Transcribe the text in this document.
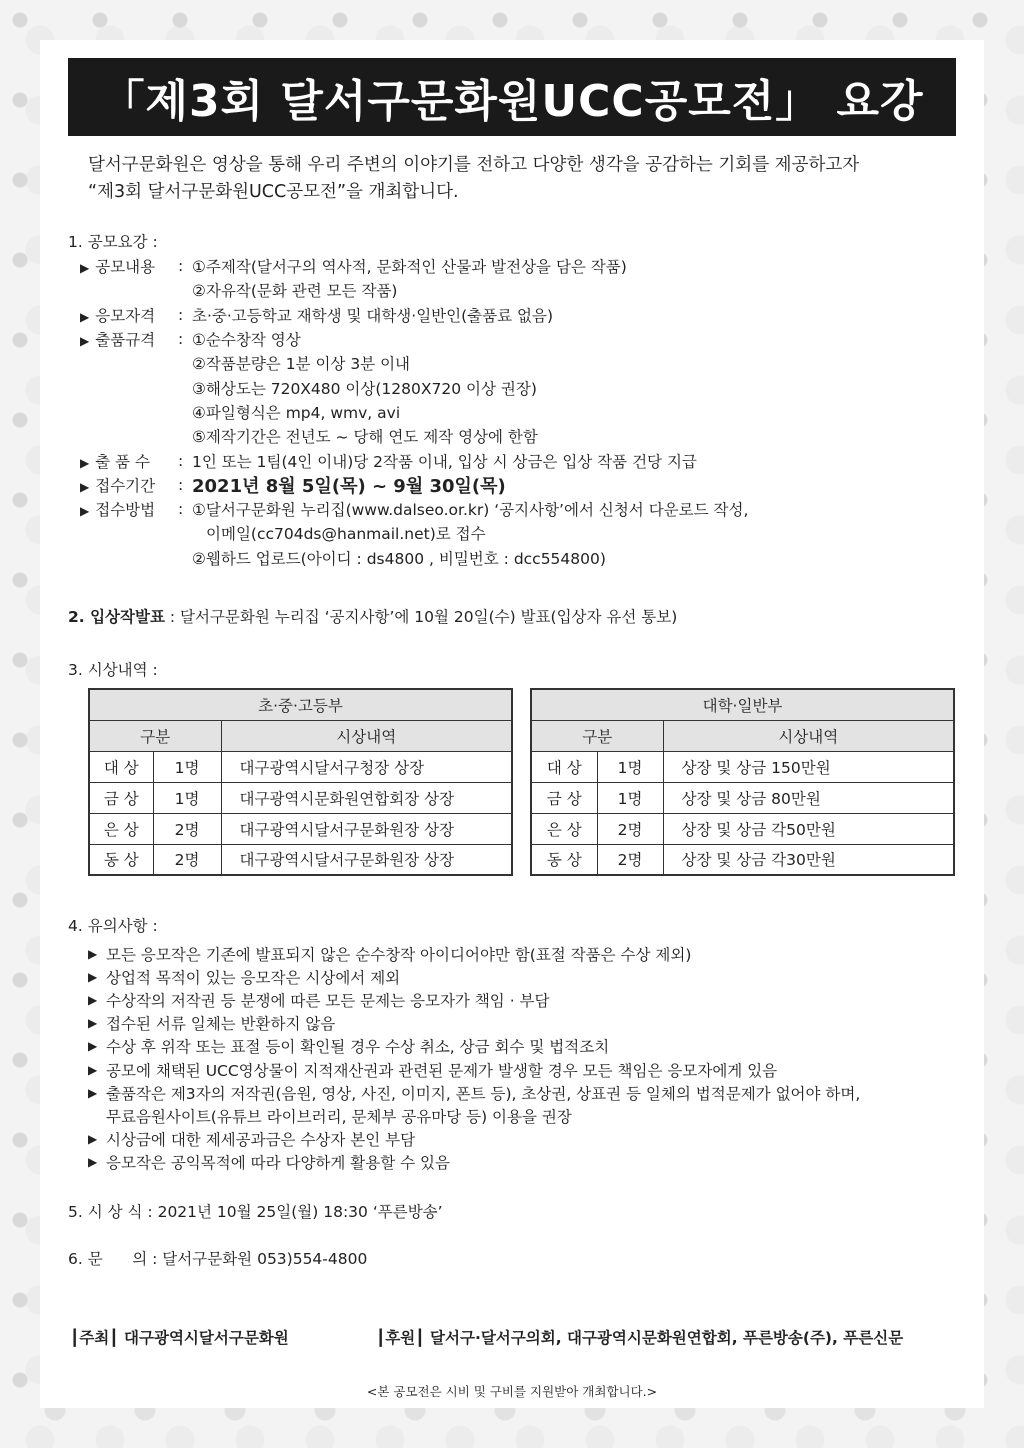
「제3회 달서구문화원UCC공모전」 요강
달서구문화원은 영상을 통해 우리 주변의 이야기를 전하고 다양한 생각을 공감하는 기회를 제공하고자
“제3회 달서구문화원UCC공모전”을 개최합니다.
1. 공모요강 :
▶ 공모내용	: ①주제작(달서구의 역사적, 문화적인 산물과 발전상을 담은 작품)
②자유작(문화 관련 모든 작품)
▶ 응모자격	: 초·중·고등학교 재학생 및 대학생·일반인(출품료 없음)
▶ 출품규격	: ①순수창작 영상
②작품분량은 1분 이상 3분 이내
③해상도는 720X480 이상(1280X720 이상 권장)
④파일형식은 mp4, wmv, avi
⑤제작기간은 전년도 ~ 당해 연도 제작 영상에 한함
▶ 출 품 수	: 1인 또는 1팀(4인 이내)당 2작품 이내, 입상 시 상금은 입상 작품 건당 지급
▶ 접수기간	: 2021년 8월 5일(목) ~ 9월 30일(목)
▶ 접수방법	: ①달서구문화원 누리집(www.dalseo.or.kr) ‘공지사항’에서 신청서 다운로드 작성,
이메일(cc704ds@hanmail.net)로 접수
②웹하드 업로드(아이디 : ds4800 , 비밀번호 : dcc554800)
2. 입상작발표 : 달서구문화원 누리집 ‘공지사항’에 10월 20일(수) 발표(입상자 유선 통보)
3. 시상내역 :
초·중·고등부		
구분		시상내역
대 상	1명	대구광역시달서구청장 상장
금 상	1명	대구광역시문화원연합회장 상장
은 상	2명	대구광역시달서구문화원장 상장
동 상	2명	대구광역시달서구문화원장 상장
대학·일반부		
구분		시상내역
대 상	1명	상장 및 상금 150만원
금 상	1명	상장 및 상금 80만원
은 상	2명	상장 및 상금 각50만원
동 상	2명	상장 및 상금 각30만원
4. 유의사항 :
▶ 모든 응모작은 기존에 발표되지 않은 순수창작 아이디어야만 함(표절 작품은 수상 제외)
▶ 상업적 목적이 있는 응모작은 시상에서 제외
▶ 수상작의 저작권 등 분쟁에 따른 모든 문제는 응모자가 책임 · 부담
▶ 접수된 서류 일체는 반환하지 않음
▶ 수상 후 위작 또는 표절 등이 확인될 경우 수상 취소, 상금 회수 및 법적조치
▶ 공모에 채택된 UCC영상물이 지적재산권과 관련된 문제가 발생할 경우 모든 책임은 응모자에게 있음
▶ 출품작은 제3자의 저작권(음원, 영상, 사진, 이미지, 폰트 등), 초상권, 상표권 등 일체의 법적문제가 없어야 하며,
무료음원사이트(유튜브 라이브러리, 문체부 공유마당 등) 이용을 권장
▶ 시상금에 대한 제세공과금은 수상자 본인 부담
▶ 응모작은 공익목적에 따라 다양하게 활용할 수 있음
5. 시 상 식 : 2021년 10월 25일(월) 18:30 ‘푸른방송’
6. 문      의 : 달서구문화원 053)554-4800
┃주최┃ 대구광역시달서구문화원	┃후원┃ 달서구·달서구의회, 대구광역시문화원연합회, 푸른방송(주), 푸른신문
<본 공모전은 시비 및 구비를 지원받아 개최합니다.>
